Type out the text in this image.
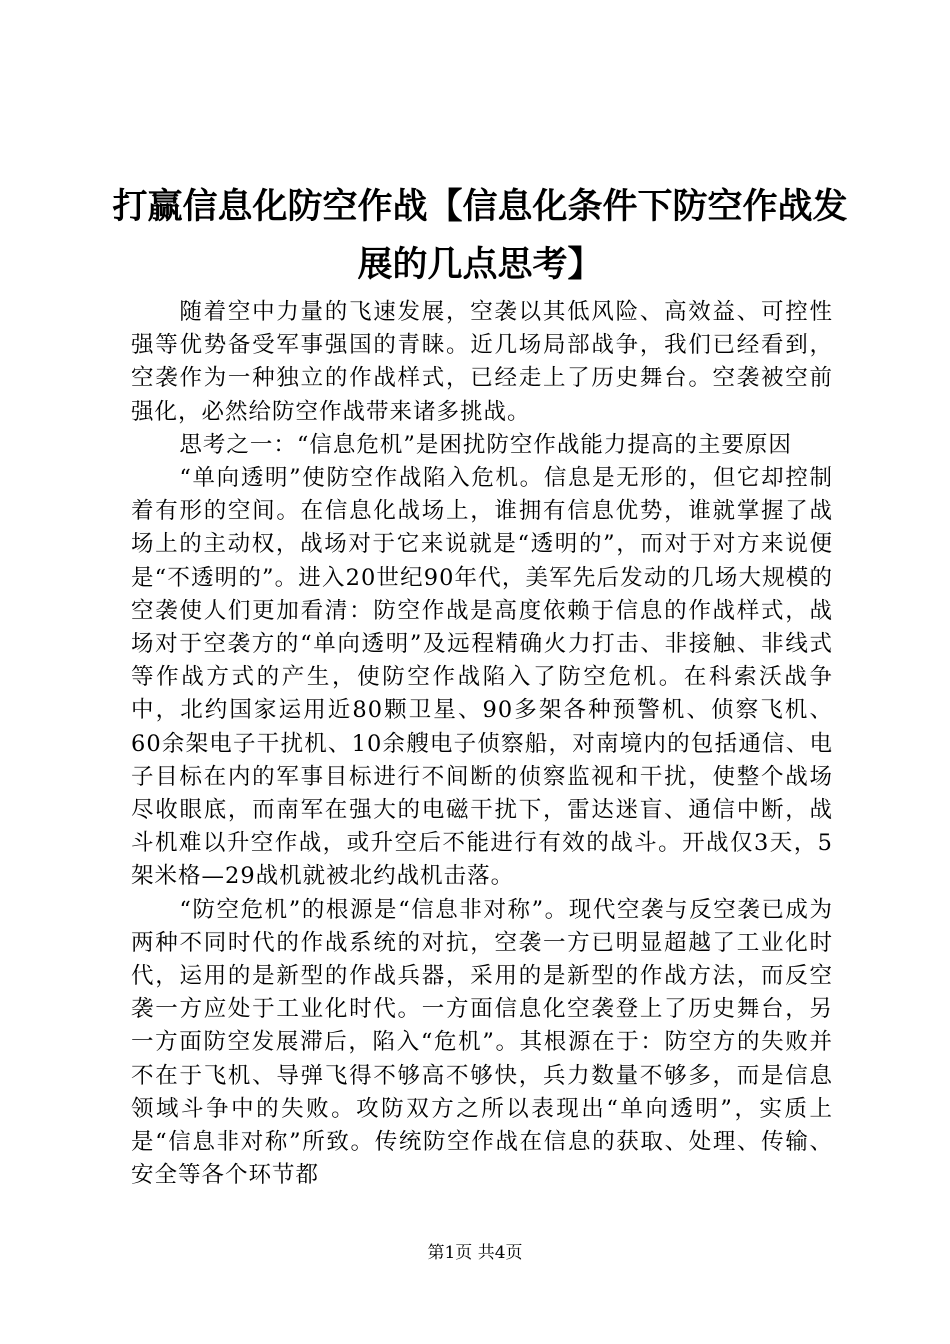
打赢信息化防空作战【信息化条件下防空作战发展的几点思考】

随着空中力量的飞速发展，空袭以其低风险、高效益、可控性强等优势备受军事强国的青睐。近几场局部战争，我们已经看到，空袭作为一种独立的作战样式，已经走上了历史舞台。空袭被空前强化，必然给防空作战带来诸多挑战。

思考之一：“信息危机”是困扰防空作战能力提高的主要原因

“单向透明”使防空作战陷入危机。信息是无形的，但它却控制着有形的空间。在信息化战场上，谁拥有信息优势，谁就掌握了战场上的主动权，战场对于它来说就是“透明的”，而对于对方来说便是“不透明的”。进入20世纪90年代，美军先后发动的几场大规模的空袭使人们更加看清：防空作战是高度依赖于信息的作战样式，战场对于空袭方的“单向透明”及远程精确火力打击、非接触、非线式等作战方式的产生，使防空作战陷入了防空危机。在科索沃战争中，北约国家运用近80颗卫星、90多架各种预警机、侦察飞机、60余架电子干扰机、10余艘电子侦察船，对南境内的包括通信、电子目标在内的军事目标进行不间断的侦察监视和干扰，使整个战场尽收眼底，而南军在强大的电磁干扰下，雷达迷盲、通信中断，战斗机难以升空作战，或升空后不能进行有效的战斗。开战仅3天，5架米格—29战机就被北约战机击落。

“防空危机”的根源是“信息非对称”。现代空袭与反空袭已成为两种不同时代的作战系统的对抗，空袭一方已明显超越了工业化时代，运用的是新型的作战兵器，采用的是新型的作战方法，而反空袭一方应处于工业化时代。一方面信息化空袭登上了历史舞台，另一方面防空发展滞后，陷入“危机”。其根源在于：防空方的失败并不在于飞机、导弹飞得不够高不够快，兵力数量不够多，而是信息领域斗争中的失败。攻防双方之所以表现出“单向透明”，实质上是“信息非对称”所致。传统防空作战在信息的获取、处理、传输、安全等各个环节都

第1页 共4页
